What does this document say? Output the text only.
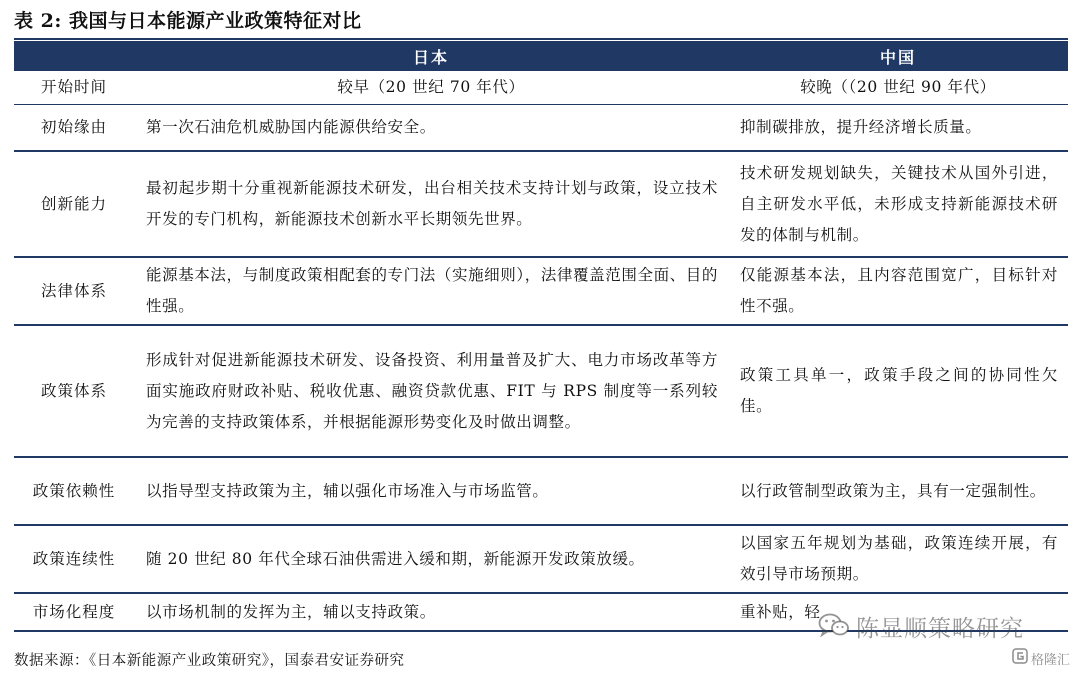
表 2: 我国与日本能源产业政策特征对比
	日本	中国
开始时间	较早（20 世纪 70 年代）	较晚（（20 世纪 90 年代）
初始缘由	第一次石油危机威胁国内能源供给安全。	抑制碳排放，提升经济增长质量。
创新能力	最初起步期十分重视新能源技术研发，出台相关技术支持计划与政策，设立技术开发的专门机构，新能源技术创新水平长期领先世界。	技术研发规划缺失，关键技术从国外引进，自主研发水平低，未形成支持新能源技术研发的体制与机制。
法律体系	能源基本法，与制度政策相配套的专门法（实施细则），法律覆盖范围全面、目的性强。	仅能源基本法，且内容范围宽广，目标针对性不强。
政策体系	形成针对促进新能源技术研发、设备投资、利用量普及扩大、电力市场改革等方面实施政府财政补贴、税收优惠、融资贷款优惠、FIT 与 RPS 制度等一系列较为完善的支持政策体系，并根据能源形势变化及时做出调整。	政策工具单一，政策手段之间的协同性欠佳。
政策依赖性	以指导型支持政策为主，辅以强化市场准入与市场监管。	以行政管制型政策为主，具有一定强制性。
政策连续性	随 20 世纪 80 年代全球石油供需进入缓和期，新能源开发政策放缓。	以国家五年规划为基础，政策连续开展，有效引导市场预期。
市场化程度	以市场机制的发挥为主，辅以支持政策。	重补贴，轻
数据来源：《日本新能源产业政策研究》，国泰君安证券研究
陈显顺策略研究
格隆汇
